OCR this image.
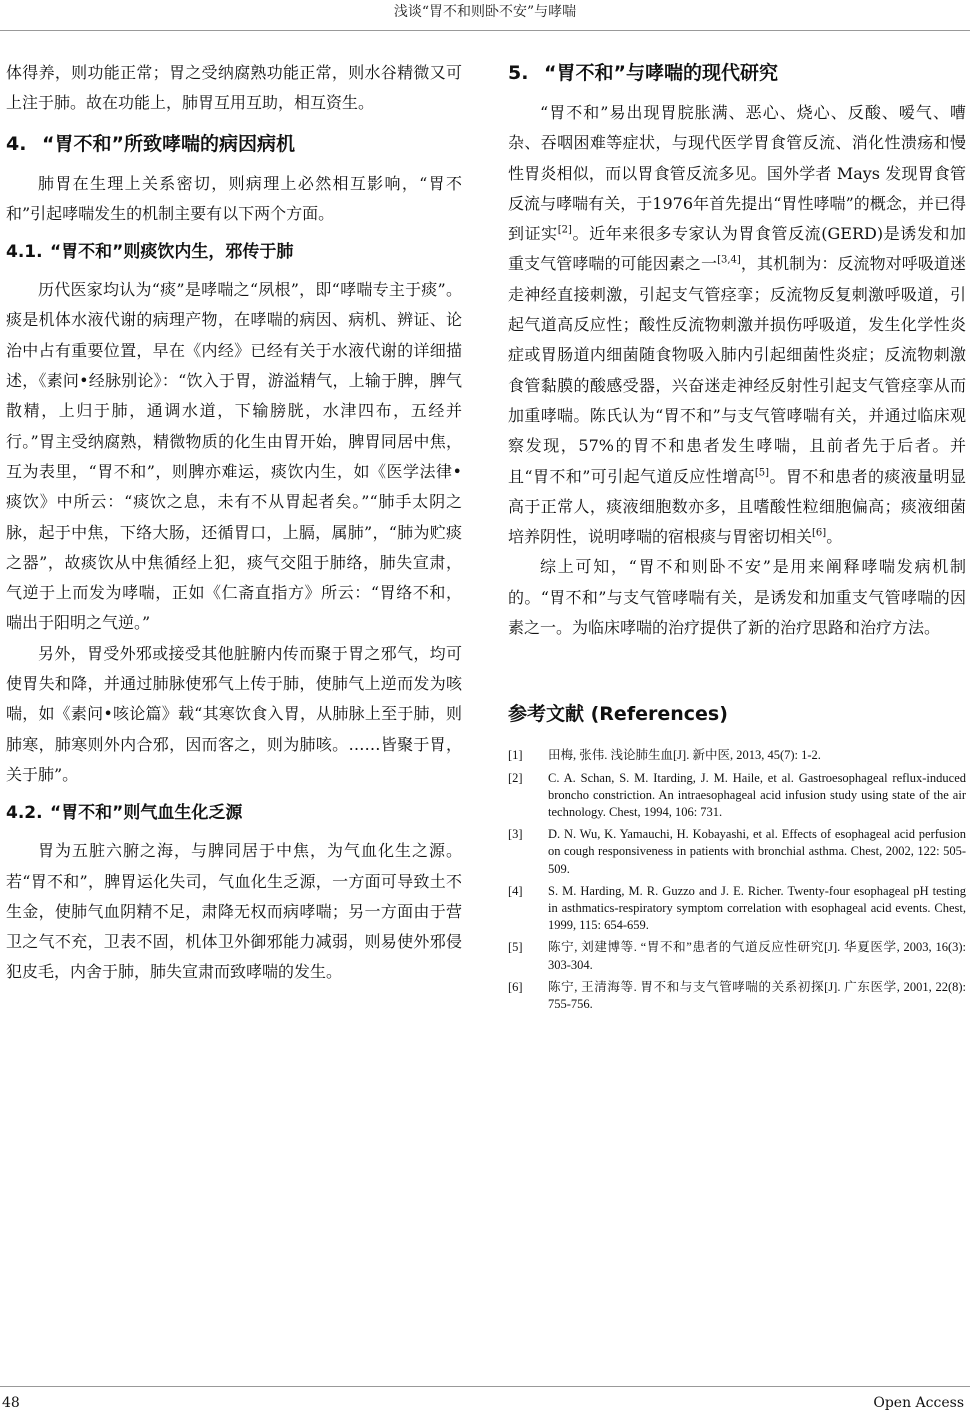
浅谈“胃不和则卧不安”与哮喘

体得养，则功能正常；胃之受纳腐熟功能正常，则水谷精微又可上注于肺。故在功能上，肺胃互用互助，相互资生。

4. “胃不和”所致哮喘的病因病机

肺胃在生理上关系密切，则病理上必然相互影响，“胃不和”引起哮喘发生的机制主要有以下两个方面。

4.1. “胃不和”则痰饮内生，邪传于肺

历代医家均认为“痰”是哮喘之“夙根”，即“哮喘专主于痰”。痰是机体水液代谢的病理产物，在哮喘的病因、病机、辨证、论治中占有重要位置，早在《内经》已经有关于水液代谢的详细描述，《素问•经脉别论》：“饮入于胃，游溢精气，上输于脾，脾气散精，上归于肺，通调水道，下输膀胱，水津四布，五经并行。”胃主受纳腐熟，精微物质的化生由胃开始，脾胃同居中焦，互为表里，“胃不和”，则脾亦难运，痰饮内生，如《医学法律•痰饮》中所云：“痰饮之息，未有不从胃起者矣。”“肺手太阴之脉，起于中焦，下络大肠，还循胃口，上膈，属肺”，“肺为贮痰之器”，故痰饮从中焦循经上犯，痰气交阻于肺络，肺失宣肃，气逆于上而发为哮喘，正如《仁斋直指方》所云：“胃络不和，喘出于阳明之气逆。”

另外，胃受外邪或接受其他脏腑内传而聚于胃之邪气，均可使胃失和降，并通过肺脉使邪气上传于肺，使肺气上逆而发为咳喘，如《素问•咳论篇》载“其寒饮食入胃，从肺脉上至于肺，则肺寒，肺寒则外内合邪，因而客之，则为肺咳。……皆聚于胃，关于肺”。

4.2. “胃不和”则气血生化乏源

胃为五脏六腑之海，与脾同居于中焦，为气血化生之源。若“胃不和”，脾胃运化失司，气血化生乏源，一方面可导致土不生金，使肺气血阴精不足，肃降无权而病哮喘；另一方面由于营卫之气不充，卫表不固，机体卫外御邪能力减弱，则易使外邪侵犯皮毛，内舍于肺，肺失宣肃而致哮喘的发生。

5. “胃不和”与哮喘的现代研究

“胃不和”易出现胃脘胀满、恶心、烧心、反酸、嗳气、嘈杂、吞咽困难等症状，与现代医学胃食管反流、消化性溃疡和慢性胃炎相似，而以胃食管反流多见。国外学者 Mays 发现胃食管反流与哮喘有关，于1976年首先提出“胃性哮喘”的概念，并已得到证实[2]。近年来很多专家认为胃食管反流(GERD)是诱发和加重支气管哮喘的可能因素之一[3,4]，其机制为：反流物对呼吸道迷走神经直接刺激，引起支气管痉挛；反流物反复刺激呼吸道，引起气道高反应性；酸性反流物刺激并损伤呼吸道，发生化学性炎症或胃肠道内细菌随食物吸入肺内引起细菌性炎症；反流物刺激食管黏膜的酸感受器，兴奋迷走神经反射性引起支气管痉挛从而加重哮喘。陈氏认为“胃不和”与支气管哮喘有关，并通过临床观察发现，57%的胃不和患者发生哮喘，且前者先于后者。并且“胃不和”可引起气道反应性增高[5]。胃不和患者的痰液量明显高于正常人，痰液细胞数亦多，且嗜酸性粒细胞偏高；痰液细菌培养阴性，说明哮喘的宿根痰与胃密切相关[6]。

综上可知，“胃不和则卧不安”是用来阐释哮喘发病机制的。“胃不和”与支气管哮喘有关，是诱发和加重支气管哮喘的因素之一。为临床哮喘的治疗提供了新的治疗思路和治疗方法。

参考文献 (References)
[1] 田梅, 张伟. 浅论肺生血[J]. 新中医, 2013, 45(7): 1-2.
[2] C. A. Schan, S. M. Itarding, J. M. Haile, et al. Gastroesophageal reflux-induced broncho constriction. An intraesophageal acid infusion study using state of the air technology. Chest, 1994, 106: 731.
[3] D. N. Wu, K. Yamauchi, H. Kobayashi, et al. Effects of esophageal acid perfusion on cough responsiveness in patients with bronchial asthma. Chest, 2002, 122: 505-509.
[4] S. M. Harding, M. R. Guzzo and J. E. Richer. Twenty-four esophageal pH testing in asthmatics-respiratory symptom correlation with esophageal acid events. Chest, 1999, 115: 654-659.
[5] 陈宁, 刘建博等. “胃不和”患者的气道反应性研究[J]. 华夏医学, 2003, 16(3): 303-304.
[6] 陈宁, 王清海等. 胃不和与支气管哮喘的关系初探[J]. 广东医学, 2001, 22(8): 755-756.
48	Open Access
